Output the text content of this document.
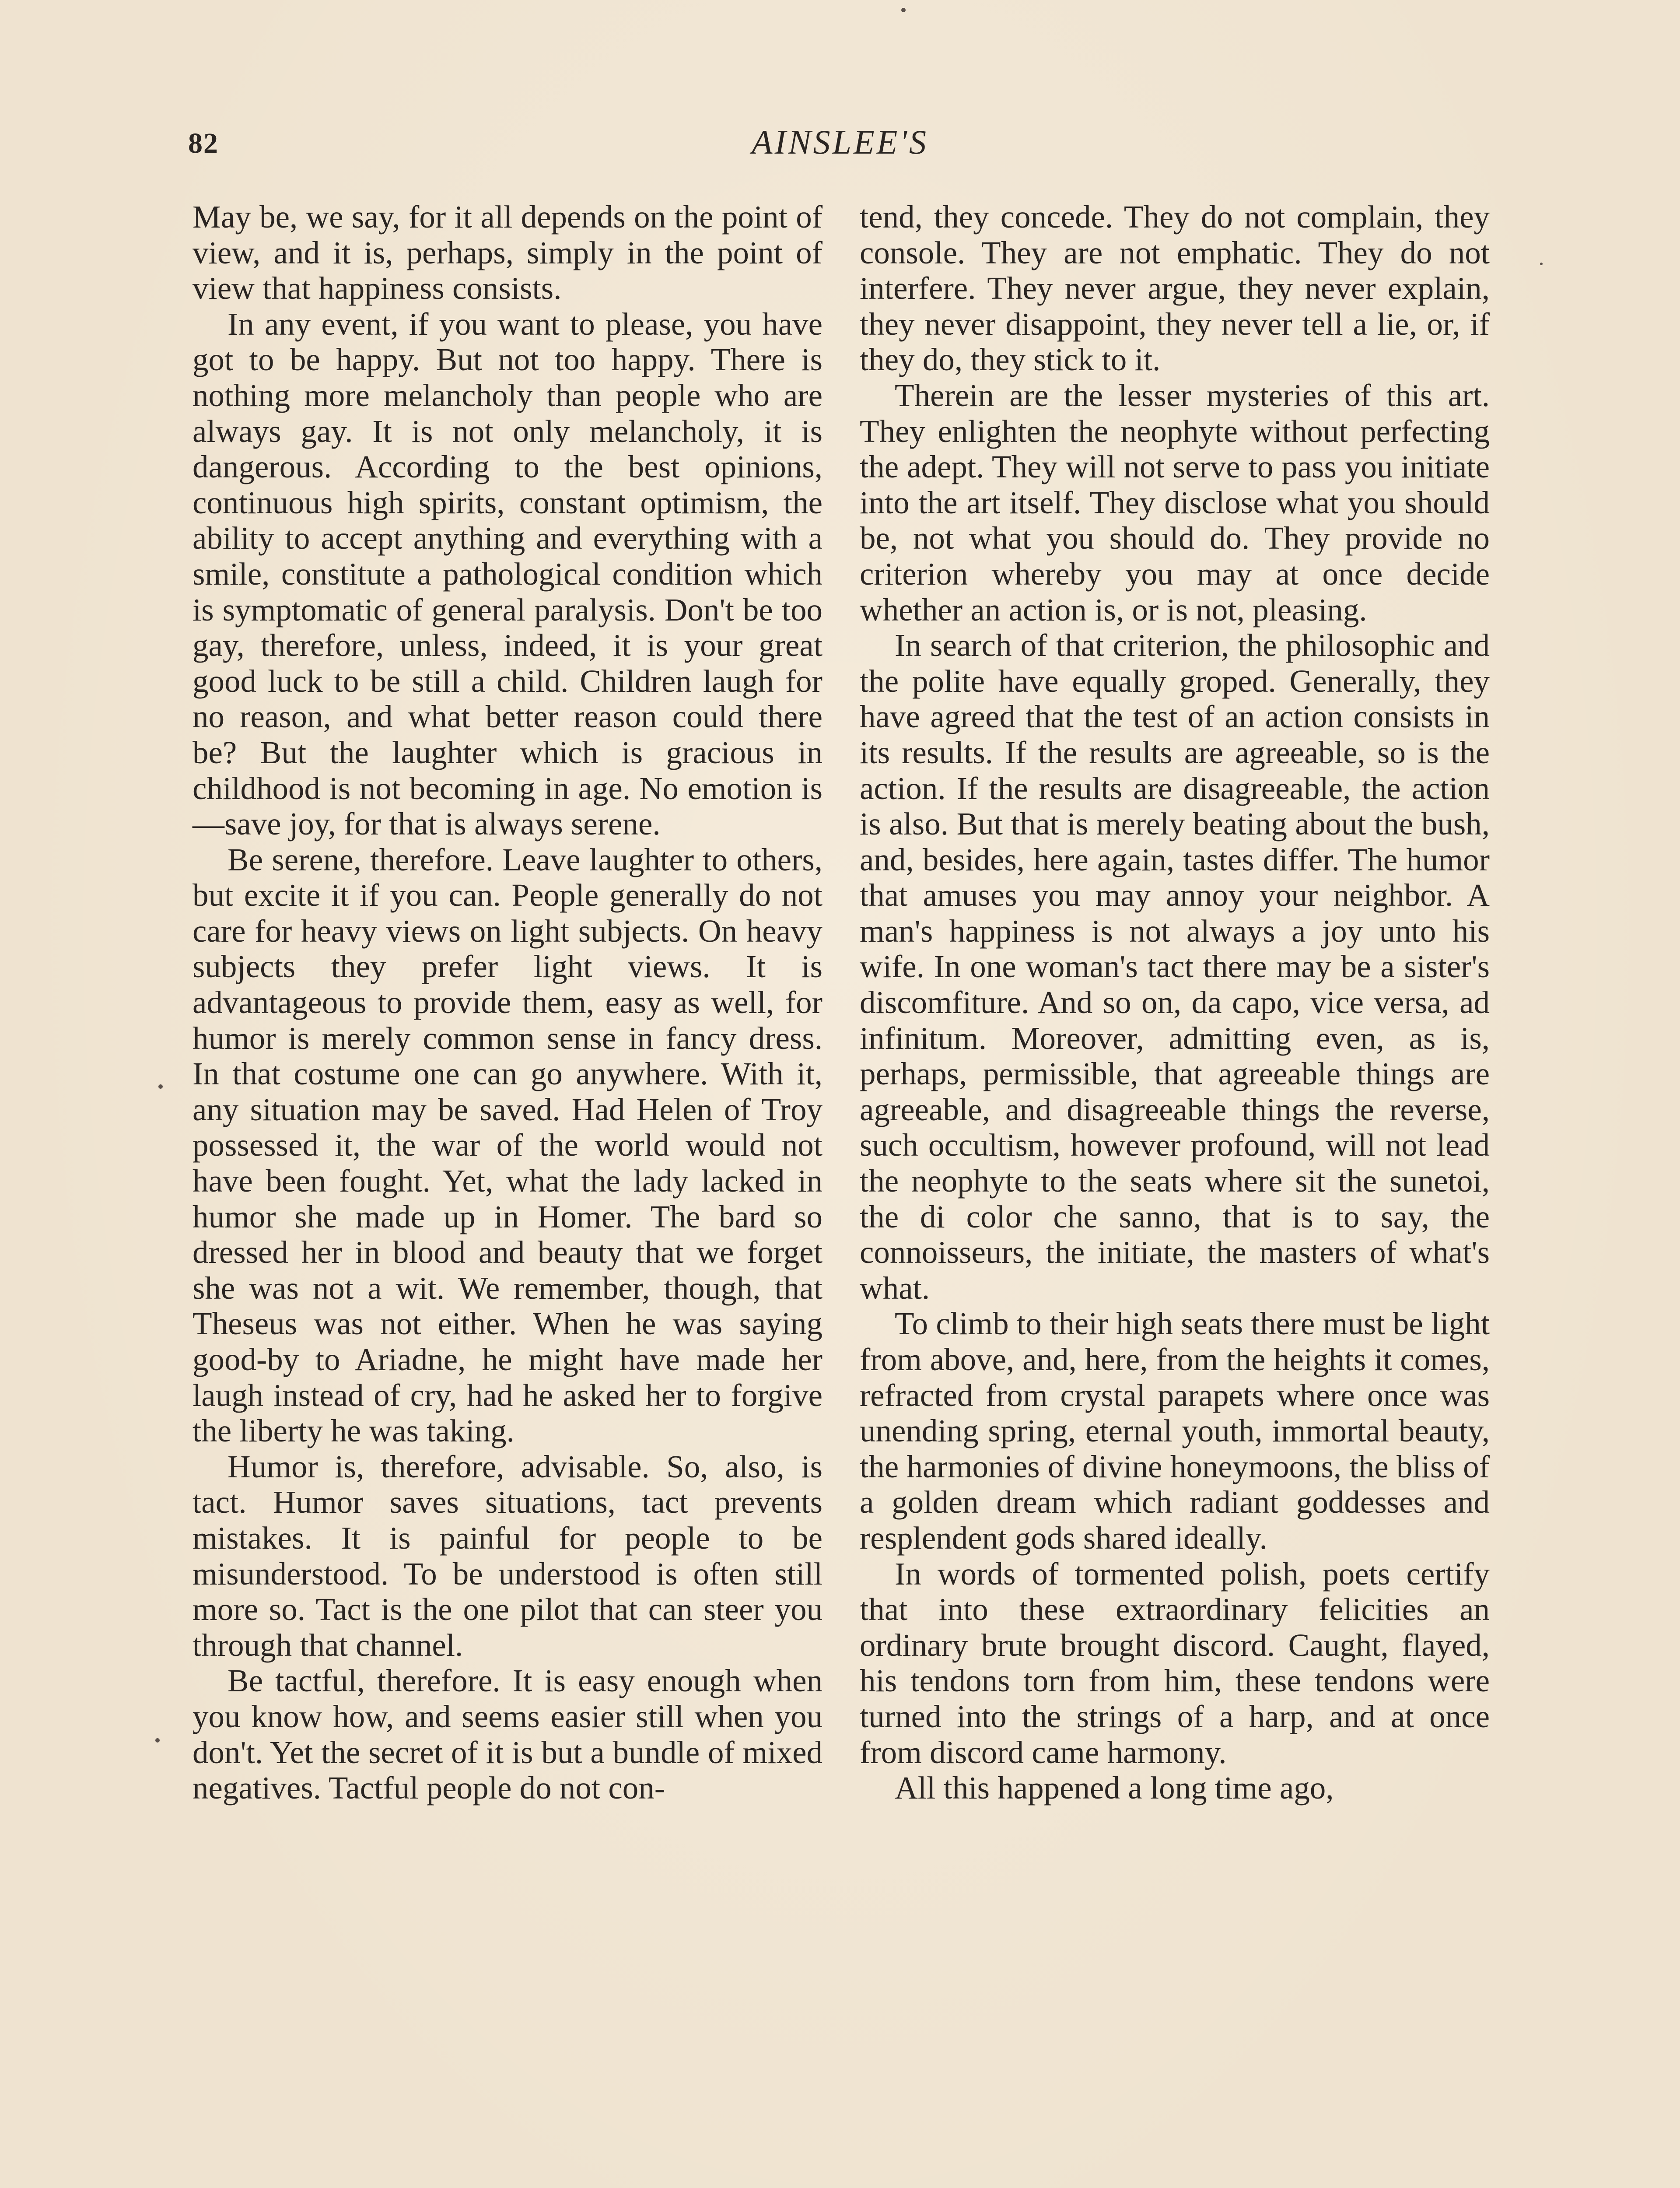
82	AINSLEE'S

May be, we say, for it all depends on the point of view, and it is, perhaps, simply in the point of view that happiness consists.

In any event, if you want to please, you have got to be happy. But not too happy. There is nothing more melancholy than people who are always gay. It is not only melancholy, it is dangerous. According to the best opinions, continuous high spirits, constant optimism, the ability to accept anything and everything with a smile, constitute a pathological condition which is symptomatic of general paralysis. Don't be too gay, therefore, unless, indeed, it is your great good luck to be still a child. Children laugh for no reason, and what better reason could there be? But the laughter which is gracious in childhood is not becoming in age. No emotion is —save joy, for that is always serene.

Be serene, therefore. Leave laughter to others, but excite it if you can. People generally do not care for heavy views on light subjects. On heavy subjects they prefer light views. It is advantageous to provide them, easy as well, for humor is merely common sense in fancy dress. In that costume one can go anywhere. With it, any situation may be saved. Had Helen of Troy possessed it, the war of the world would not have been fought. Yet, what the lady lacked in humor she made up in Homer. The bard so dressed her in blood and beauty that we forget she was not a wit. We remember, though, that Theseus was not either. When he was saying good-by to Ariadne, he might have made her laugh instead of cry, had he asked her to forgive the liberty he was taking.

Humor is, therefore, advisable. So, also, is tact. Humor saves situations, tact prevents mistakes. It is painful for people to be misunderstood. To be understood is often still more so. Tact is the one pilot that can steer you through that channel.

Be tactful, therefore. It is easy enough when you know how, and seems easier still when you don't. Yet the secret of it is but a bundle of mixed negatives. Tactful people do not con-

tend, they concede. They do not complain, they console. They are not emphatic. They do not interfere. They never argue, they never explain, they never disappoint, they never tell a lie, or, if they do, they stick to it.

Therein are the lesser mysteries of this art. They enlighten the neophyte without perfecting the adept. They will not serve to pass you initiate into the art itself. They disclose what you should be, not what you should do. They provide no criterion whereby you may at once decide whether an action is, or is not, pleasing.

In search of that criterion, the philosophic and the polite have equally groped. Generally, they have agreed that the test of an action consists in its results. If the results are agreeable, so is the action. If the results are disagreeable, the action is also. But that is merely beating about the bush, and, besides, here again, tastes differ. The humor that amuses you may annoy your neighbor. A man's happiness is not always a joy unto his wife. In one woman's tact there may be a sister's discomfiture. And so on, da capo, vice versa, ad infinitum. Moreover, admitting even, as is, perhaps, permissible, that agreeable things are agreeable, and disagreeable things the reverse, such occultism, however profound, will not lead the neophyte to the seats where sit the sunetoi, the di color che sanno, that is to say, the connoisseurs, the initiate, the masters of what's what.

To climb to their high seats there must be light from above, and, here, from the heights it comes, refracted from crystal parapets where once was unending spring, eternal youth, immortal beauty, the harmonies of divine honeymoons, the bliss of a golden dream which radiant goddesses and resplendent gods shared ideally.

In words of tormented polish, poets certify that into these extraordinary felicities an ordinary brute brought discord. Caught, flayed, his tendons torn from him, these tendons were turned into the strings of a harp, and at once from discord came harmony.

All this happened a long time ago,
